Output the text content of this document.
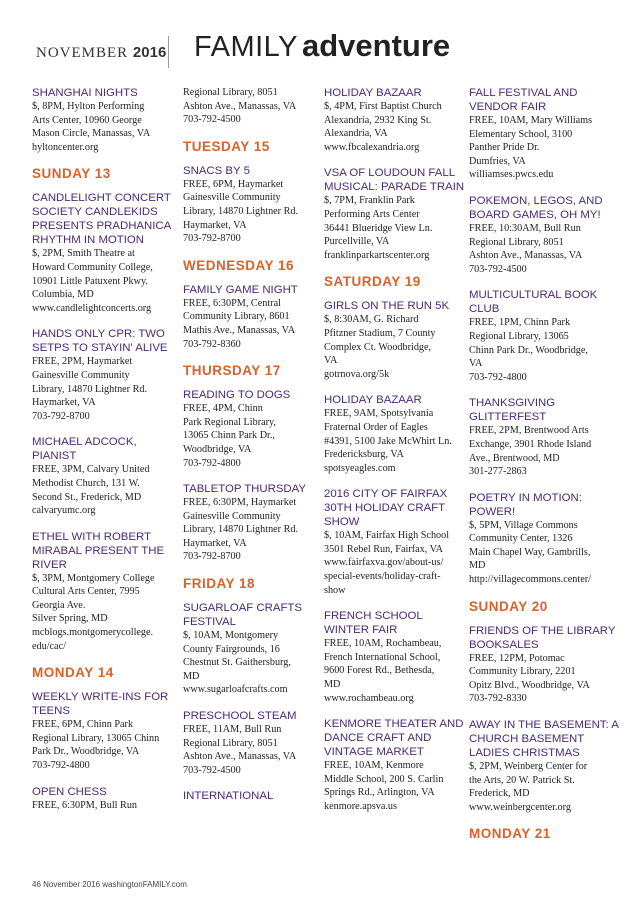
NOVEMBER 2016 FAMILY adventure
SHANGHAI NIGHTS

$, 8PM, Hylton Performing
Arts Center, 10960 George
Mason Circle, Manassas, VA
hyltoncenter.org

SUNDAY 13
CANDLELIGHT CONCERT SOCIETY CANDLEKIDS PRESENTS PRADHANICA RHYTHM IN MOTION

$, 2PM, Smith Theatre at
Howard Community College,
10901 Little Patuxent Pkwy.
Columbia, MD
www.candlelightconcerts.org

HANDS ONLY CPR: TWO SETPS TO STAYIN' ALIVE

FREE, 2PM, Haymarket
Gainesville Community
Library, 14870 Lightner Rd.
Haymarket, VA
703-792-8700

MICHAEL ADCOCK, PIANIST

FREE, 3PM, Calvary United
Methodist Church, 131 W.
Second St., Frederick, MD
calvaryumc.org

ETHEL WITH ROBERT MIRABAL PRESENT THE RIVER

$, 3PM, Montgomery College
Cultural Arts Center, 7995
Georgia Ave.
Silver Spring, MD
mcblogs.montgomerycollege.
edu/cac/

MONDAY 14
WEEKLY WRITE-INS FOR TEENS

FREE, 6PM, Chinn Park
Regional Library, 13065 Chinn
Park Dr., Woodbridge, VA
703-792-4800

OPEN CHESS

FREE, 6:30PM, Bull Run

Regional Library, 8051
Ashton Ave., Manassas, VA
703-792-4500

TUESDAY 15
SNACS BY 5

FREE, 6PM, Haymarket
Gainesville Community
Library, 14870 Lightner Rd.
Haymarket, VA
703-792-8700

WEDNESDAY 16
FAMILY GAME NIGHT

FREE, 6:30PM, Central
Community Library, 8601
Mathis Ave., Manassas, VA
703-792-8360

THURSDAY 17
READING TO DOGS

FREE, 4PM, Chinn
Park Regional Library,
13065 Chinn Park Dr.,
Woodbridge, VA
703-792-4800

TABLETOP THURSDAY

FREE, 6:30PM, Haymarket
Gainesville Community
Library, 14870 Lightner Rd.
Haymarket, VA
703-792-8700

FRIDAY 18
SUGARLOAF CRAFTS FESTIVAL

$, 10AM, Montgomery
County Fairgrounds, 16
Chestnut St. Gaithersburg,
MD
www.sugarloafcrafts.com

PRESCHOOL STEAM

FREE, 11AM, Bull Run
Regional Library, 8051
Ashton Ave., Manassas, VA
703-792-4500

INTERNATIONAL
HOLIDAY BAZAAR

$, 4PM, First Baptist Church
Alexandria, 2932 King St.
Alexandria, VA
www.fbcalexandria.org

VSA OF LOUDOUN FALL MUSICAL: PARADE TRAIN

$, 7PM, Franklin Park
Performing Arts Center
36441 Blueridge View Ln.
Purcellville, VA
franklinparkartscenter.org

SATURDAY 19
GIRLS ON THE RUN 5K

$, 8:30AM, G. Richard
Pfitzner Stadium, 7 County
Complex Ct. Woodbridge,
VA
gotrnova.org/5k

HOLIDAY BAZAAR

FREE, 9AM, Spotsylvania
Fraternal Order of Eagles
#4391, 5100 Jake McWhirt Ln.
Fredericksburg, VA
spotsyeagles.com

2016 CITY OF FAIRFAX 30TH HOLIDAY CRAFT SHOW

$, 10AM, Fairfax High School
3501 Rebel Run, Fairfax, VA
www.fairfaxva.gov/about-us/
special-events/holiday-craft-
show

FRENCH SCHOOL WINTER FAIR

FREE, 10AM, Rochambeau,
French International School,
9600 Forest Rd., Bethesda,
MD
www.rochambeau.org

KENMORE THEATER AND DANCE CRAFT AND VINTAGE MARKET

FREE, 10AM, Kenmore
Middle School, 200 S. Carlin
Springs Rd., Arlington, VA
kenmore.apsva.us

FALL FESTIVAL AND VENDOR FAIR

FREE, 10AM, Mary Williams
Elementary School, 3100
Panther Pride Dr.
Dumfries, VA
williamses.pwcs.edu

POKEMON, LEGOS, AND BOARD GAMES, OH MY!

FREE, 10:30AM, Bull Run
Regional Library, 8051
Ashton Ave., Manassas, VA
703-792-4500

MULTICULTURAL BOOK CLUB

FREE, 1PM, Chinn Park
Regional Library, 13065
Chinn Park Dr., Woodbridge,
VA
703-792-4800

THANKSGIVING GLITTERFEST

FREE, 2PM, Brentwood Arts
Exchange, 3901 Rhode Island
Ave., Brentwood, MD
301-277-2863

POETRY IN MOTION: POWER!

$, 5PM, Village Commons
Community Center, 1326
Main Chapel Way, Gambrills,
MD
http://villagecommons.center/

SUNDAY 20
FRIENDS OF THE LIBRARY BOOKSALES

FREE, 12PM, Potomac
Community Library, 2201
Opitz Blvd., Woodbridge, VA
703-792-8330

AWAY IN THE BASEMENT: A CHURCH BASEMENT LADIES CHRISTMAS

$, 2PM, Weinberg Center for
the Arts, 20 W. Patrick St.
Frederick, MD
www.weinbergcenter.org

MONDAY 21
46 November 2016 washingtonFAMILY.com
